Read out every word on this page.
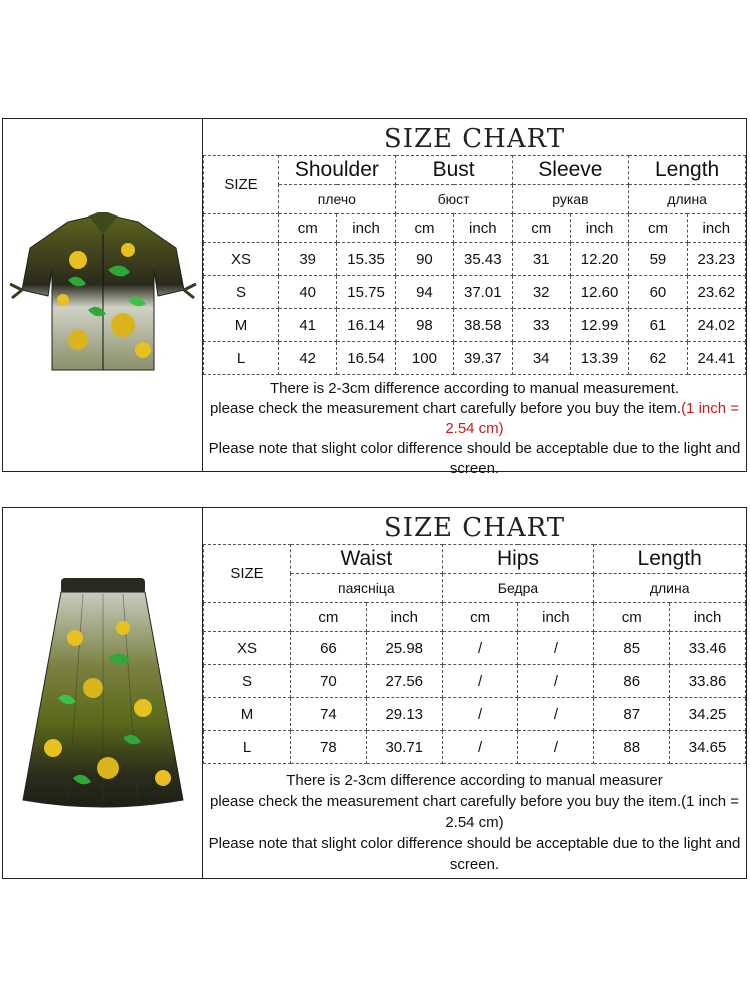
SIZE CHART
SIZE	Shoulder		Bust		Sleeve		Length	
	плечо		бюст		рукав		длина	
	cm	inch	cm	inch	cm	inch	cm	inch
XS	39	15.35	90	35.43	31	12.20	59	23.23
S	40	15.75	94	37.01	32	12.60	60	23.62
M	41	16.14	98	38.58	33	12.99	61	24.02
L	42	16.54	100	39.37	34	13.39	62	24.41
There is 2-3cm difference according to manual measurement.
please check the measurement chart carefully before you buy the item.(1 inch = 2.54 cm)
Please note that slight color difference should be acceptable due to the light and screen.
SIZE CHART
SIZE	Waist		Hips		Length	
	паяснiца		Бедра		длина	
	cm	inch	cm	inch	cm	inch
XS	66	25.98	/	/	85	33.46
S	70	27.56	/	/	86	33.86
M	74	29.13	/	/	87	34.25
L	78	30.71	/	/	88	34.65
There is 2-3cm difference according to manual measurer
please check the measurement chart carefully before you buy the item.(1 inch = 2.54 cm)
Please note that slight color difference should be acceptable due to the light and screen.
